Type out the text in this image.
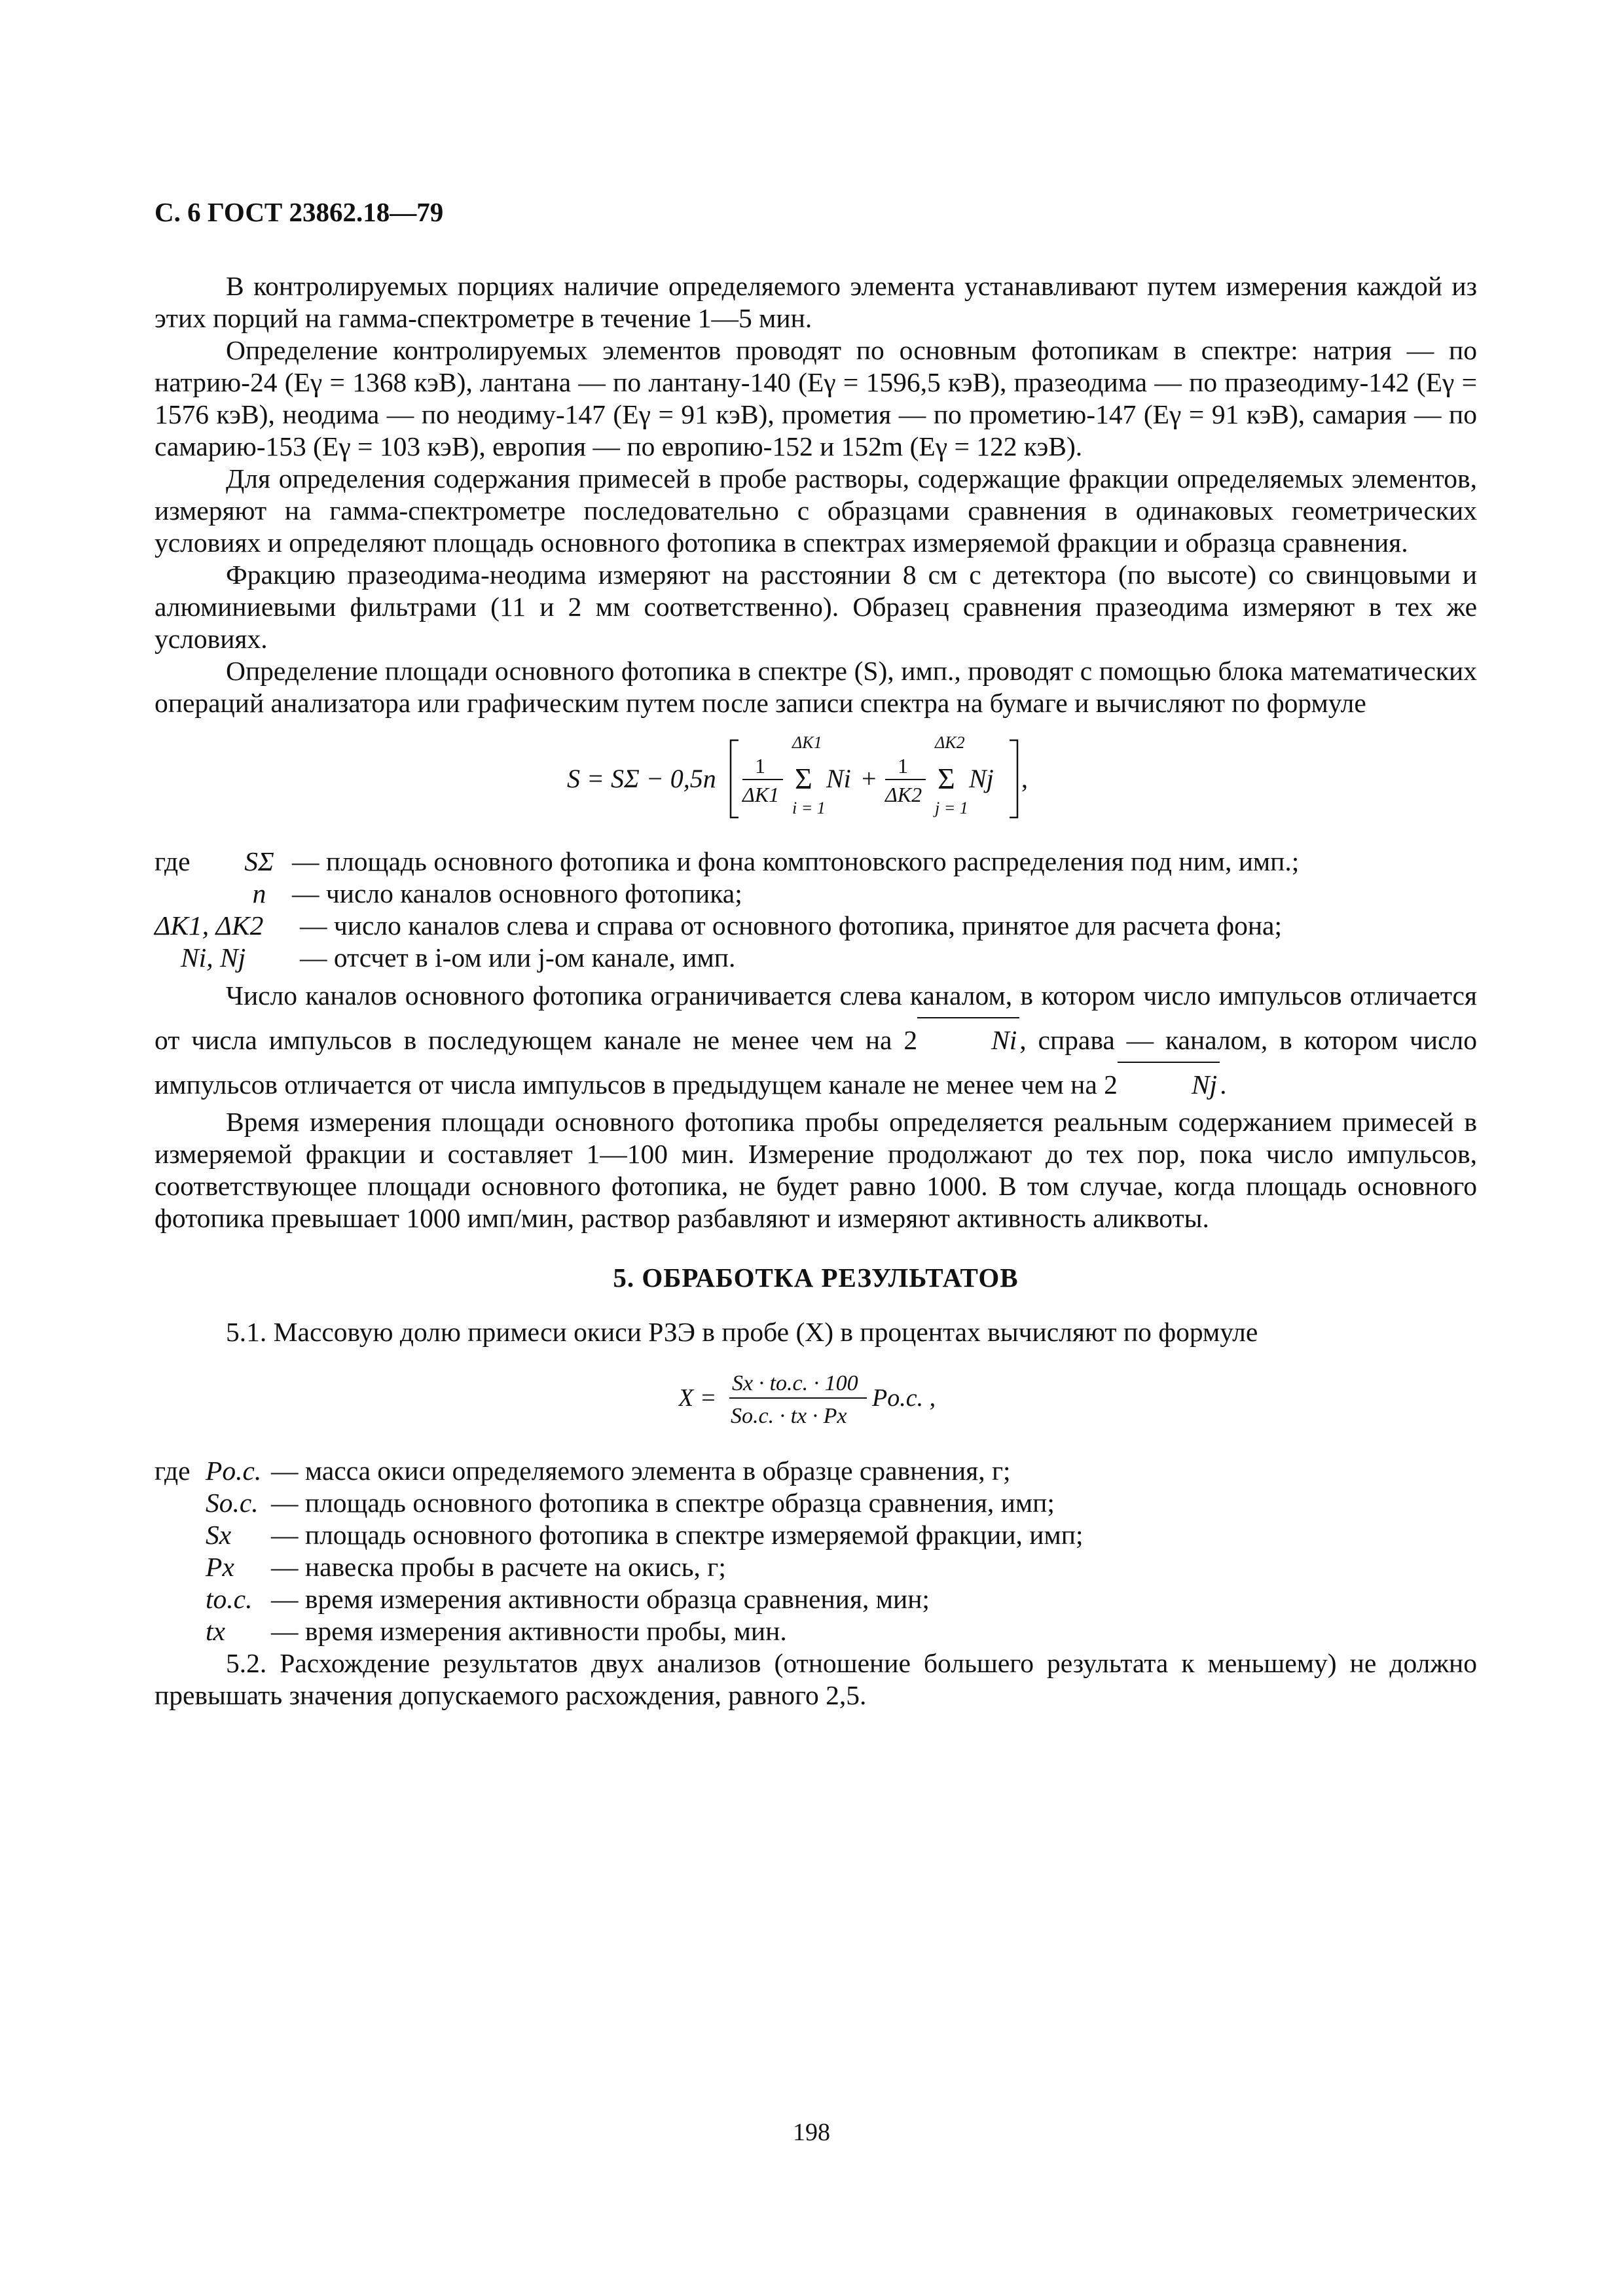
С. 6 ГОСТ 23862.18—79

В контролируемых порциях наличие определяемого элемента устанавливают путем измерения каждой из этих порций на гамма-спектрометре в течение 1—5 мин.

Определение контролируемых элементов проводят по основным фотопикам в спектре: натрия — по натрию-24 (Eγ = 1368 кэВ), лантана — по лантану-140 (Eγ = 1596,5 кэВ), празеодима — по празеодиму-142 (Eγ = 1576 кэВ), неодима — по неодиму-147 (Eγ = 91 кэВ), прометия — по прометию-147 (Eγ = 91 кэВ), самария — по самарию-153 (Eγ = 103 кэВ), европия — по европию-152 и 152m (Eγ = 122 кэВ).

Для определения содержания примесей в пробе растворы, содержащие фракции определяемых элементов, измеряют на гамма-спектрометре последовательно с образцами сравнения в одинаковых геометрических условиях и определяют площадь основного фотопика в спектрах измеряемой фракции и образца сравнения.

Фракцию празеодима-неодима измеряют на расстоянии 8 см с детектора (по высоте) со свинцовыми и алюминиевыми фильтрами (11 и 2 мм соответственно). Образец сравнения празеодима измеряют в тех же условиях.

Определение площади основного фотопика в спектре (S), имп., проводят с помощью блока математических операций анализатора или графическим путем после записи спектра на бумаге и вычисляют по формуле

S = SΣ − 0,5n 1
ΔK1
ΔK1
Σ
i = 1
Ni + 1
ΔK2
ΔK2
Σ
j = 1
Nj ,
где	SΣ — площадь основного фотопика и фона комптоновского распределения под ним, имп.;
n — число каналов основного фотопика;
ΔK1, ΔK2	— число каналов слева и справа от основного фотопика, принятое для расчета фона;
Ni, Nj	— отсчет в i-ом или j-ом канале, имп.

Число каналов основного фотопика ограничивается слева каналом, в котором число импульсов отличается от числа импульсов в последующем канале не менее чем на 2	Ni, справа — каналом, в котором число импульсов отличается от числа импульсов в предыдущем канале не менее чем на 2	Nj.

Время измерения площади основного фотопика пробы определяется реальным содержанием примесей в измеряемой фракции и составляет 1—100 мин. Измерение продолжают до тех пор, пока число импульсов, соответствующее площади основного фотопика, не будет равно 1000. В том случае, когда площадь основного фотопика превышает 1000 имп/мин, раствор разбавляют и измеряют активность аликвоты.

5. ОБРАБОТКА РЕЗУЛЬТАТОВ

5.1. Массовую долю примеси окиси РЗЭ в пробе (X) в процентах вычисляют по формуле

X =
Sx · tо.с. · 100
Sо.с. · tx · Px
Pо.с. ,
где Pо.с. — масса окиси определяемого элемента в образце сравнения, г;
Sо.с. — площадь основного фотопика в спектре образца сравнения, имп;
Sx	— площадь основного фотопика в спектре измеряемой фракции, имп;
Px	— навеска пробы в расчете на окись, г;
tо.с. — время измерения активности образца сравнения, мин;
tx	— время измерения активности пробы, мин.

5.2. Расхождение результатов двух анализов (отношение большего результата к меньшему) не должно превышать значения допускаемого расхождения, равного 2,5.

198
